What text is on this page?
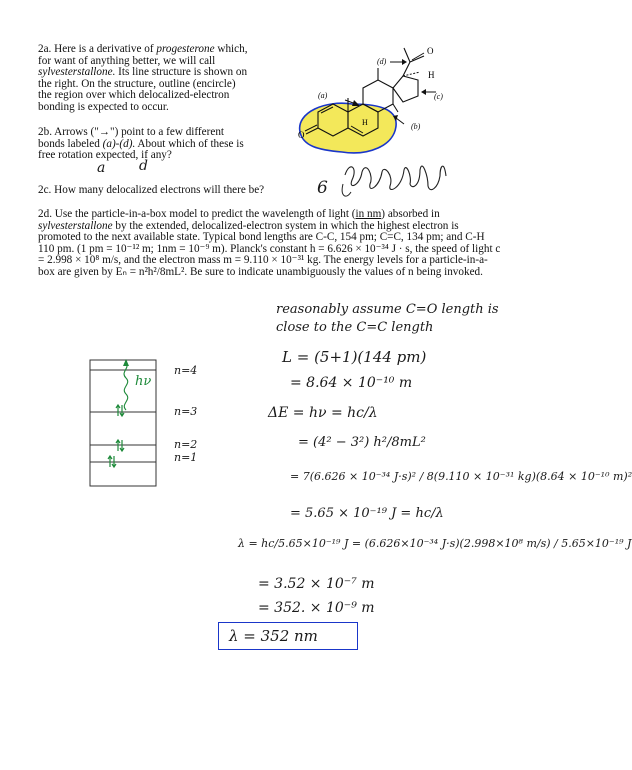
2a. Here is a derivative of progesterone which,
for want of anything better, we will call
sylvesterstallone. Its line structure is shown on
the right. On the structure, outline (encircle)
the region over which delocalized-electron
bonding is expected to occur.
2b. Arrows ("→") point to a few different
bonds labeled (a)-(d). About which of these is
free rotation expected, if any?
a d
2c. How many delocalized electrons will there be?	6
(d)
(a)	(c)
(b)
O
H
H
O
2d. Use the particle-in-a-box model to predict the wavelength of light (in nm) absorbed in
sylvesterstallone by the extended, delocalized-electron system in which the highest electron is
promoted to the next available state. Typical bond lengths are C-C, 154 pm; C=C, 134 pm; and C-H
110 pm. (1 pm = 10⁻¹² m; 1nm = 10⁻⁹ m). Planck's constant h = 6.626 × 10⁻³⁴ J · s, the speed of light c
= 2.998 × 10⁸ m/s, and the electron mass m = 9.110 × 10⁻³¹ kg. The energy levels for a particle-in-a-
box are given by Eₙ = n²h²/8mL². Be sure to indicate unambiguously the values of n being invoked.
hν
n=4
n=3
n=2
n=1
reasonably assume C=O length is
close to the C=C length
L = (5+1)(144 pm)
= 8.64 × 10⁻¹⁰ m
ΔE = hν = hc/λ
= (4² − 3²) h²/8mL²
= 7(6.626 × 10⁻³⁴ J·s)² / 8(9.110 × 10⁻³¹ kg)(8.64 × 10⁻¹⁰ m)²
= 5.65 × 10⁻¹⁹ J = hc/λ
λ = hc/5.65×10⁻¹⁹ J = (6.626×10⁻³⁴ J·s)(2.998×10⁸ m/s) / 5.65×10⁻¹⁹ J
= 3.52 × 10⁻⁷ m
= 352. × 10⁻⁹ m
λ = 352 nm
